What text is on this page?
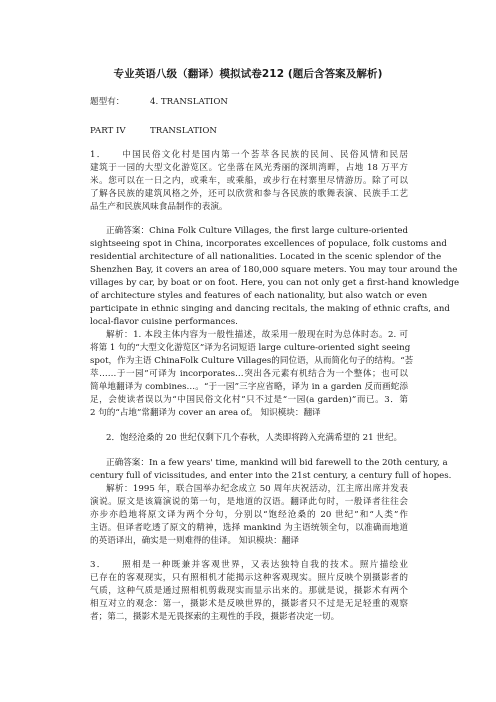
专业英语八级（翻译）模拟试卷212 (题后含答案及解析)
题型有：	4. TRANSLATION
PART IV	TRANSLATION
1．　　中国民俗文化村是国内第一个荟萃各民族的民间、民俗风情和民居
建筑于一园的大型文化游览区。它坐落在风光秀丽的深圳湾畔，占地 18 万平方
米。您可以在一日之内，或乘车，或乘船，或步行在村寨里尽情游历。除了可以
了解各民族的建筑风格之外，还可以欣赏和参与各民族的歌舞表演、民族手工艺
品生产和民族风味食品制作的表演。
正确答案：China Folk Culture Villages, the first large culture-oriented
sightseeing spot in China, incorporates excellences of populace, folk customs and
residential architecture of all nationalities. Located in the scenic splendor of the
Shenzhen Bay, it covers an area of 180,000 square meters. You may tour around the
villages by car, by boat or on foot. Here, you can not only get a first-hand knowledge
of architecture styles and features of each nationality, but also watch or even
participate in ethnic singing and dancing recitals, the making of ethnic crafts, and
local-flavor cuisine performances.
解析：1. 本段主体内容为一般性描述，故采用一般现在时为总体时态。2. 可
将第 1 句的“大型文化游览区”译为名词短语 large culture-oriented sight seeing
spot，作为主语 ChinaFolk Culture Villages的同位语，从而简化句子的结构。“荟
萃……于一园”可译为 incorporates…突出各元素有机结合为一个整体；也可以
简单地翻译为 combines…。“于一园”三字应省略，译为 in a garden 反而画蛇添
足，会使读者误以为“中国民俗文化村”只不过是“一园(a garden)”而已。3．第
2 句的“占地”常翻译为 cover an area of。 知识模块：翻译
2．饱经沧桑的 20 世纪仅剩下几个春秋，人类即将跨入充满希望的 21 世纪。
正确答案：In a few years' time, mankind will bid farewell to the 20th century, a
century full of vicissitudes, and enter into the 21st century, a century full of hopes.
解析：1995 年，联合国举办纪念成立 50 周年庆祝活动，江主席出席并发表
演说。原文是该篇演说的第一句，是地道的汉语。翻译此句时，一般译者往往会
亦步亦趋地将原文译为两个分句，分别以“饱经沧桑的 20 世纪”和“人类”作
主语。但译者吃透了原文的精神，选择 mankind 为主语统领全句，以准确而地道
的英语译出，确实是一则难得的佳译。 知识模块：翻译
3．　　照相是一种既兼并客观世界，又表达独特自我的技术。照片描绘业
已存在的客观现实，只有照相机才能揭示这种客观现实。照片反映个别摄影者的
气质，这种气质是通过照相机剪裁现实而显示出来的。那就是说，摄影术有两个
相互对立的观念：第一，摄影术是反映世界的，摄影者只不过是无足轻重的观察
者；第二，摄影术是无畏探索的主观性的手段，摄影者决定一切。
